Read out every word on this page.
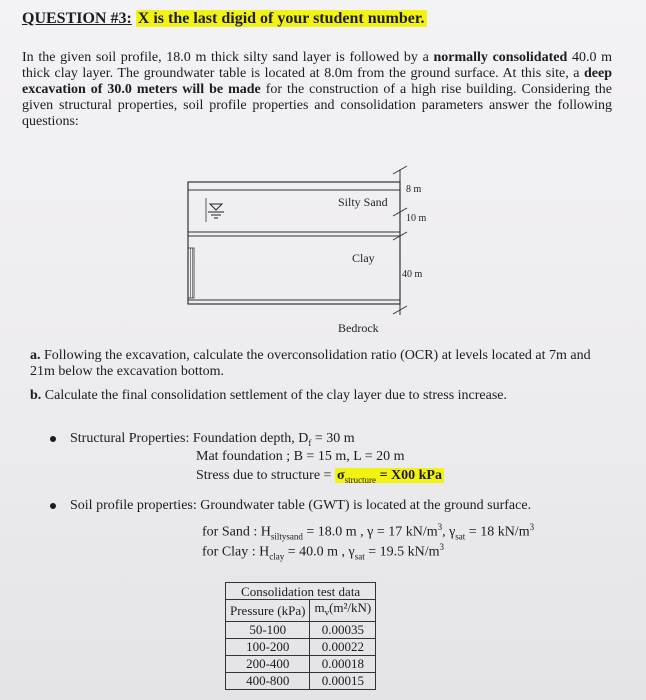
QUESTION #3: X is the last digid of your student number.
In the given soil profile, 18.0 m thick silty sand layer is followed by a normally consolidated 40.0 m thick clay layer. The groundwater table is located at 8.0m from the ground surface. At this site, a deep excavation of 30.0 meters will be made for the construction of a high rise building. Considering the given structural properties, soil profile properties and consolidation parameters answer the following questions:
Silty Sand
Clay
Bedrock
8 m
10 m
40 m
a. Following the excavation, calculate the overconsolidation ratio (OCR) at levels located at 7m and 21m below the excavation bottom.
b. Calculate the final consolidation settlement of the clay layer due to stress increase.
Structural Properties: Foundation depth, $D_f = 30$ m
Mat foundation ; B = 15 m, L = 20 m
Stress due to structure = $\sigma_{structure} = X00$ kPa
Soil profile properties: Groundwater table (GWT) is located at the ground surface.
for Sand : $H_{siltysand} = 18.0$ m , γ = 17 $kN/m^3$, $\gamma_{sat} = 18$ $kN/m^3$
for Clay : $H_{clay} = 40.0$ m , $\gamma_{sat} = 19.5$ $kN/m^3$
Consolidation test data	
Pressure (kPa)	$m_v(m^2/kN)$
50-100	0.00035
100-200	0.00022
200-400	0.00018
400-800	0.00015
